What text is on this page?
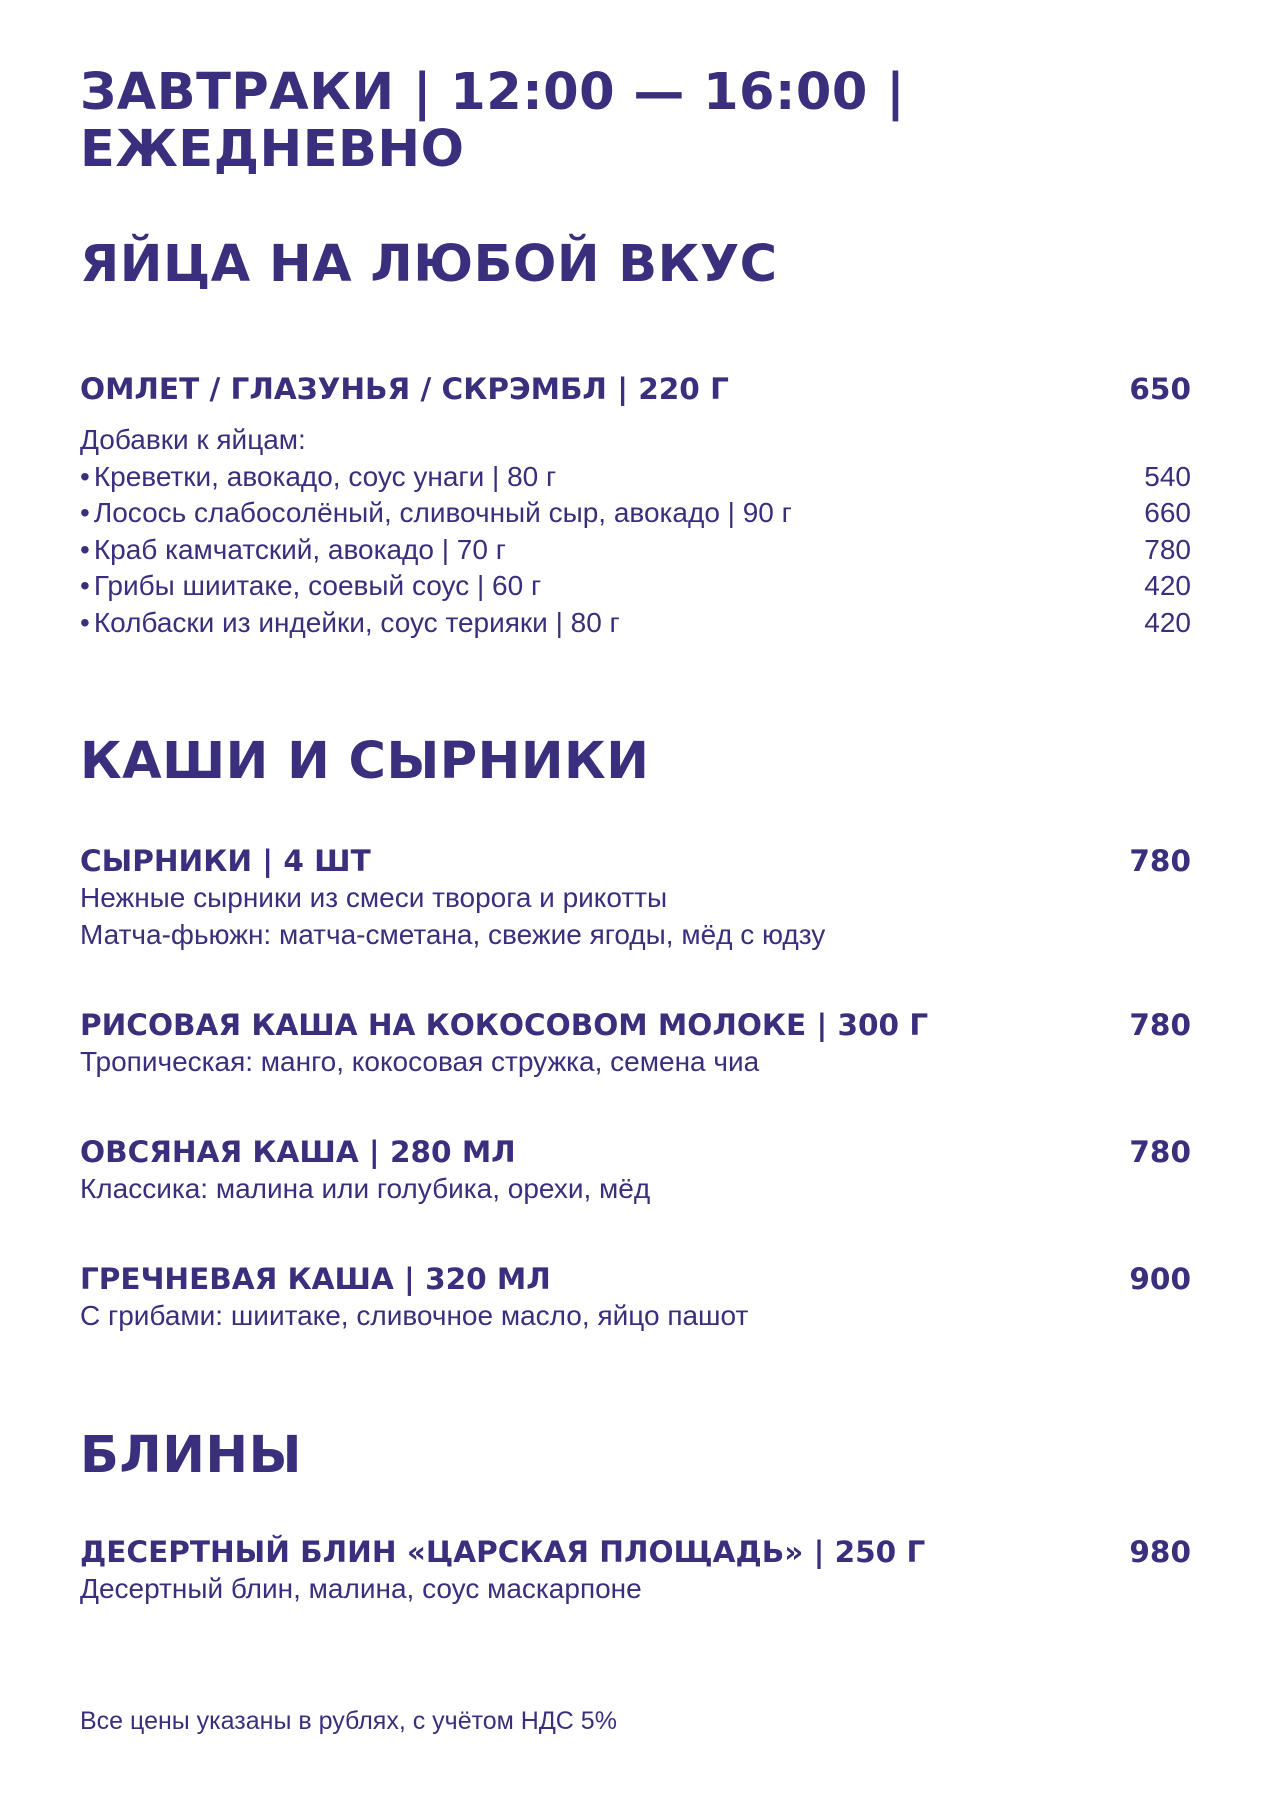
ЗАВТРАКИ | 12:00 — 16:00 |
ЕЖЕДНЕВНО
ЯЙЦА НА ЛЮБОЙ ВКУС
ОМЛЕТ / ГЛАЗУНЬЯ / СКРЭМБЛ | 220 Г	650
Добавки к яйцам:
• Креветки, авокадо, соус унаги | 80 г	540
• Лосось слабосолёный, сливочный сыр, авокадо | 90 г	660
• Краб камчатский, авокадо | 70 г	780
• Грибы шиитаке, соевый соус | 60 г	420
• Колбаски из индейки, соус терияки | 80 г	420
КАШИ И СЫРНИКИ
СЫРНИКИ | 4 ШТ	780
Нежные сырники из смеси творога и рикотты
Матча-фьюжн: матча-сметана, свежие ягоды, мёд с юдзу
РИСОВАЯ КАША НА КОКОСОВОМ МОЛОКЕ | 300 Г	780
Тропическая: манго, кокосовая стружка, семена чиа
ОВСЯНАЯ КАША | 280 МЛ	780
Классика: малина или голубика, орехи, мёд
ГРЕЧНЕВАЯ КАША | 320 МЛ	900
С грибами: шиитаке, сливочное масло, яйцо пашот
БЛИНЫ
ДЕСЕРТНЫЙ БЛИН «ЦАРСКАЯ ПЛОЩАДЬ» | 250 Г	980
Десертный блин, малина, соус маскарпоне
Все цены указаны в рублях, с учётом НДС 5%
